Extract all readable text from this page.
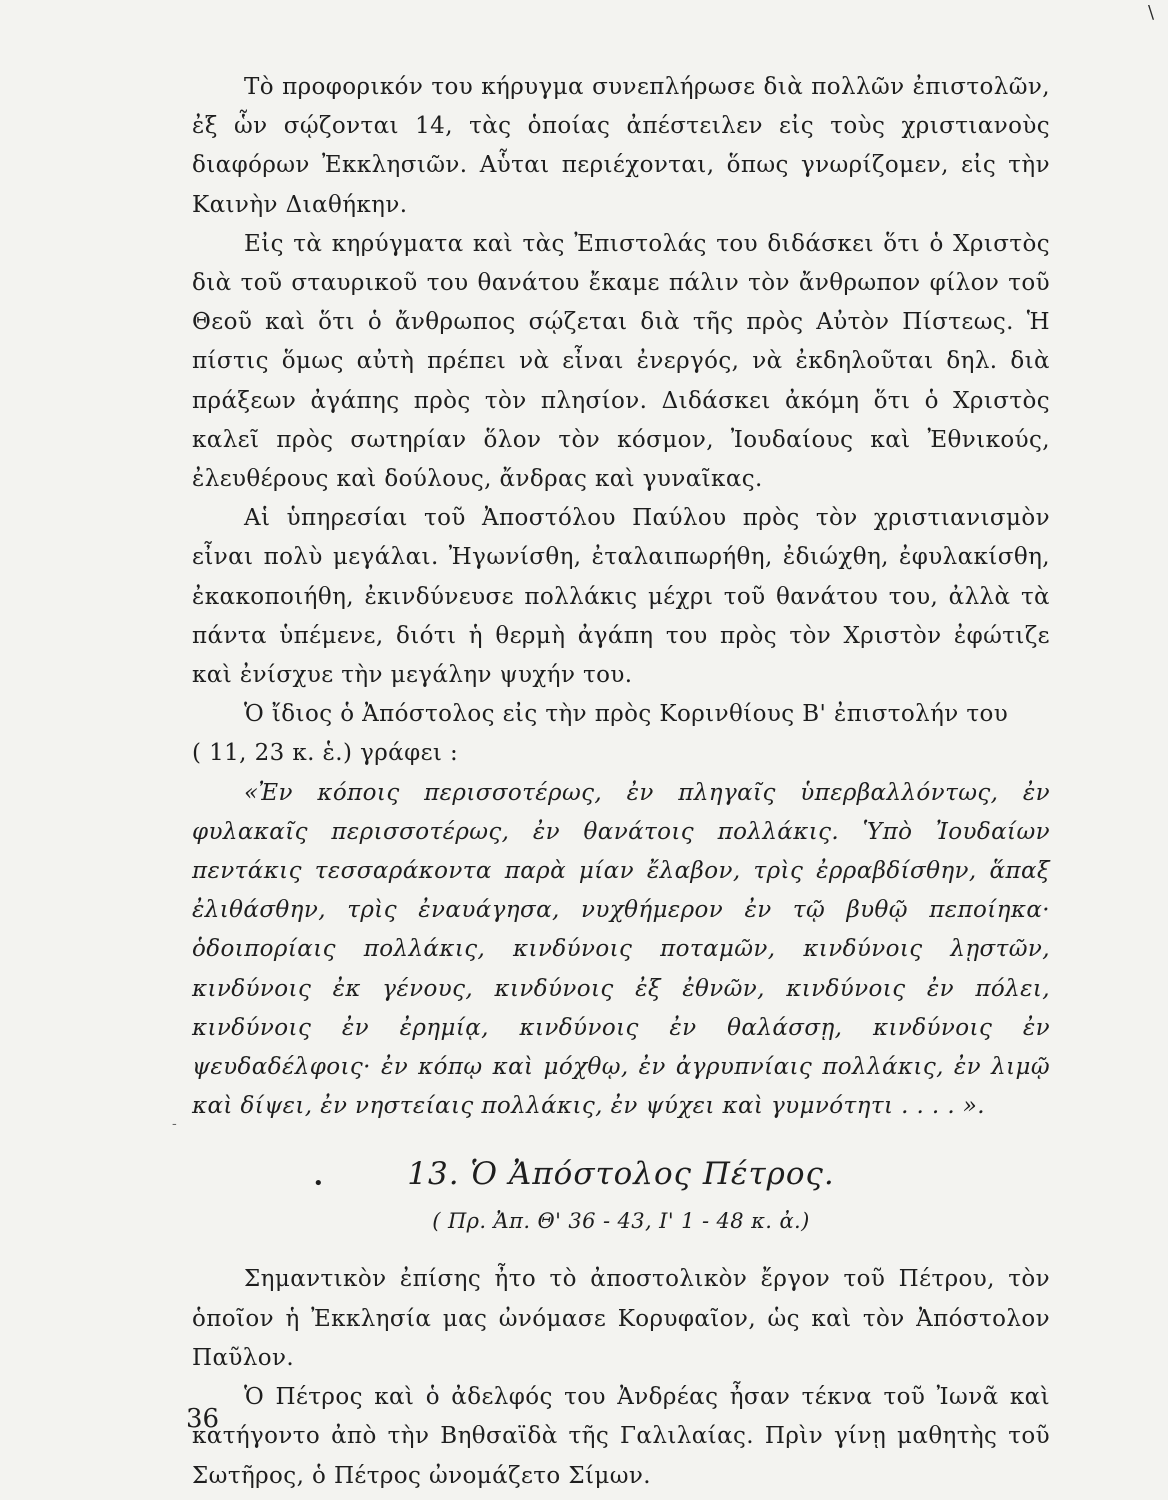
\

Τὸ προφορικόν του κήρυγμα συνεπλήρωσε διὰ πολλῶν ἐπιστολῶν, ἐξ ὧν σῴζονται 14, τὰς ὁποίας ἀπέστειλεν εἰς τοὺς χριστιανοὺς διαφόρων Ἐκκλησιῶν. Αὗται περιέχονται, ὅπως γνωρίζομεν, εἰς τὴν Καινὴν Διαθήκην.

Εἰς τὰ κηρύγματα καὶ τὰς Ἐπιστολάς του διδάσκει ὅτι ὁ Χριστὸς διὰ τοῦ σταυρικοῦ του θανάτου ἔκαμε πάλιν τὸν ἄνθρωπον φίλον τοῦ Θεοῦ καὶ ὅτι ὁ ἄνθρωπος σῴζεται διὰ τῆς πρὸς Αὐτὸν Πίστεως. Ἡ πίστις ὅμως αὐτὴ πρέπει νὰ εἶναι ἐνεργός, νὰ ἐκδηλοῦται δηλ. διὰ πράξεων ἀγάπης πρὸς τὸν πλησίον. Διδάσκει ἀκόμη ὅτι ὁ Χριστὸς καλεῖ πρὸς σωτηρίαν ὅλον τὸν κόσμον, Ἰουδαίους καὶ Ἐθνικούς, ἐλευθέρους καὶ δούλους, ἄνδρας καὶ γυναῖκας.

Αἱ ὑπηρεσίαι τοῦ Ἀποστόλου Παύλου πρὸς τὸν χριστιανισμὸν εἶναι πολὺ μεγάλαι. Ἠγωνίσθη, ἐταλαιπωρήθη, ἐδιώχθη, ἐφυλακίσθη, ἐκακοποιήθη, ἐκινδύνευσε πολλάκις μέχρι τοῦ θανάτου του, ἀλλὰ τὰ πάντα ὑπέμενε, διότι ἡ θερμὴ ἀγάπη του πρὸς τὸν Χριστὸν ἐφώτιζε καὶ ἐνίσχυε τὴν μεγάλην ψυχήν του.

Ὁ ἴδιος ὁ Ἀπόστολος εἰς τὴν πρὸς Κορινθίους Β' ἐπιστολήν του

( 11, 23 κ. ἑ.) γράφει :

«Ἐν κόποις περισσοτέρως, ἐν πληγαῖς ὑπερβαλλόντως, ἐν φυλακαῖς περισσοτέρως, ἐν θανάτοις πολλάκις. Ὑπὸ Ἰουδαίων πεντάκις τεσσαράκοντα παρὰ μίαν ἔλαβον, τρὶς ἐρραβδίσθην, ἅπαξ ἐλιθάσθην, τρὶς ἐναυάγησα, νυχθήμερον ἐν τῷ βυθῷ πεποίηκα· ὁδοιπορίαις πολλάκις, κινδύνοις ποταμῶν, κινδύνοις λῃστῶν, κινδύνοις ἐκ γένους, κινδύνοις ἐξ ἐθνῶν, κινδύνοις ἐν πόλει, κινδύνοις ἐν ἐρημίᾳ, κινδύνοις ἐν θαλάσσῃ, κινδύνοις ἐν ψευδαδέλφοις· ἐν κόπῳ καὶ μόχθῳ, ἐν ἀγρυπνίαις πολλάκις, ἐν λιμῷ καὶ δίψει, ἐν νηστείαις πολλάκις, ἐν ψύχει καὶ γυμνότητι . . . . ».

•	13. Ὁ Ἀπόστολος Πέτρος.

( Πρ. Ἀπ. Θ' 36 - 43, Ι' 1 - 48 κ. ἀ.)

Σημαντικὸν ἐπίσης ἦτο τὸ ἀποστολικὸν ἔργον τοῦ Πέτρου, τὸν ὁποῖον ἡ Ἐκκλησία μας ὠνόμασε Κορυφαῖον, ὡς καὶ τὸν Ἀπόστολον Παῦλον.

Ὁ Πέτρος καὶ ὁ ἀδελφός του Ἀνδρέας ἦσαν τέκνα τοῦ Ἰωνᾶ καὶ κατήγοντο ἀπὸ τὴν Βηθσαϊδὰ τῆς Γαλιλαίας. Πρὶν γίνῃ μαθητὴς τοῦ Σωτῆρος, ὁ Πέτρος ὠνομάζετο Σίμων.

-
36
